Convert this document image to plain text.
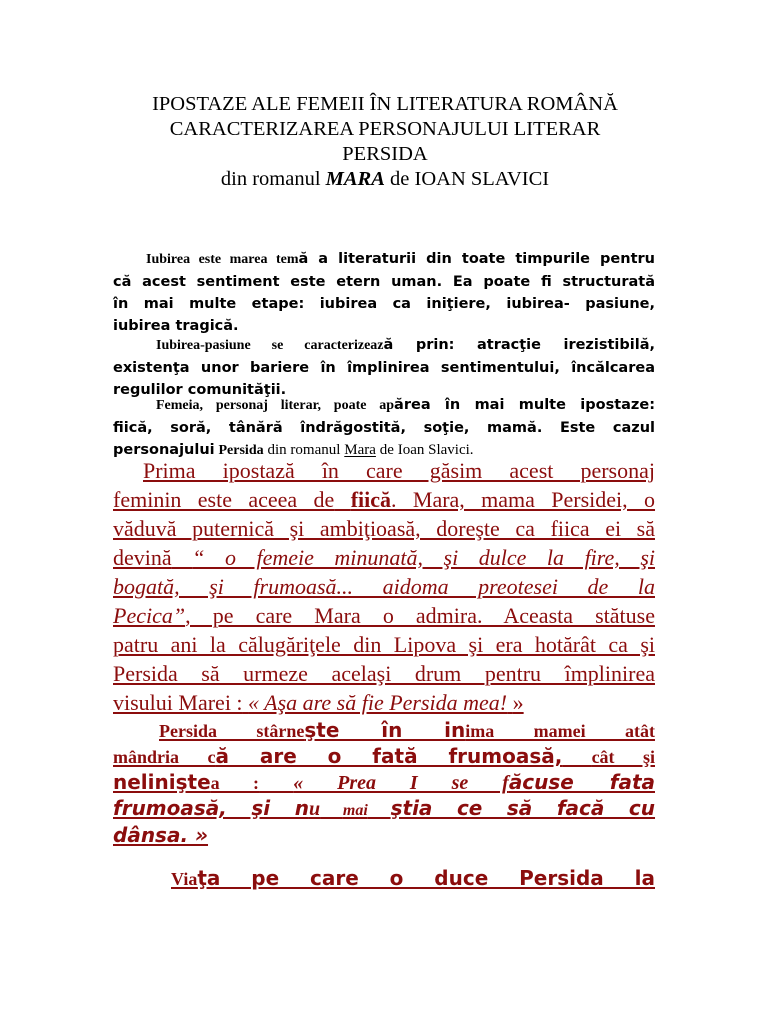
IPOSTAZE ALE FEMEII ÎN LITERATURA ROMÂNĂ
CARACTERIZAREA PERSONAJULUI LITERAR
PERSIDA
din romanul MARA de IOAN SLAVICI
Iubirea este marea temă a literaturii din toate timpurile pentru
că acest sentiment este etern uman. Ea poate fi structurată
în mai multe etape: iubirea ca iniţiere, iubirea- pasiune,
iubirea tragică.
Iubirea-pasiune se caracterizează prin: atracţie irezistibilă,
existenţa unor bariere în împlinirea sentimentului, încălcarea
regulilor comunităţii.
Femeia, personaj literar, poate apărea în mai multe ipostaze:
fiică, soră, tânără îndrăgostită, soţie, mamă. Este cazul
personajului Persida din romanul Mara de Ioan Slavici.
Prima ipostază în care găsim acest personaj
feminin este aceea de fiică. Mara, mama Persidei, o
văduvă puternică şi ambiţioasă, doreşte ca fiica ei să
devină “ o femeie minunată, şi dulce la fire, şi
bogată, şi frumoasă... aidoma preotesei de la
Pecica”, pe care Mara o admira. Aceasta stătuse
patru ani la călugăriţele din Lipova şi era hotărât ca şi
Persida să urmeze acelaşi drum pentru împlinirea
visului Marei : « Aşa are să fie Persida mea! »
Persida stârneşte în inima mamei atât
mândria că are o fată frumoasă, cât şi
neliniştea : « Prea I se făcuse fata
frumoasă, şi nu mai ştia ce să facă cu
dânsa. »
Viaţa pe care o duce Persida la
